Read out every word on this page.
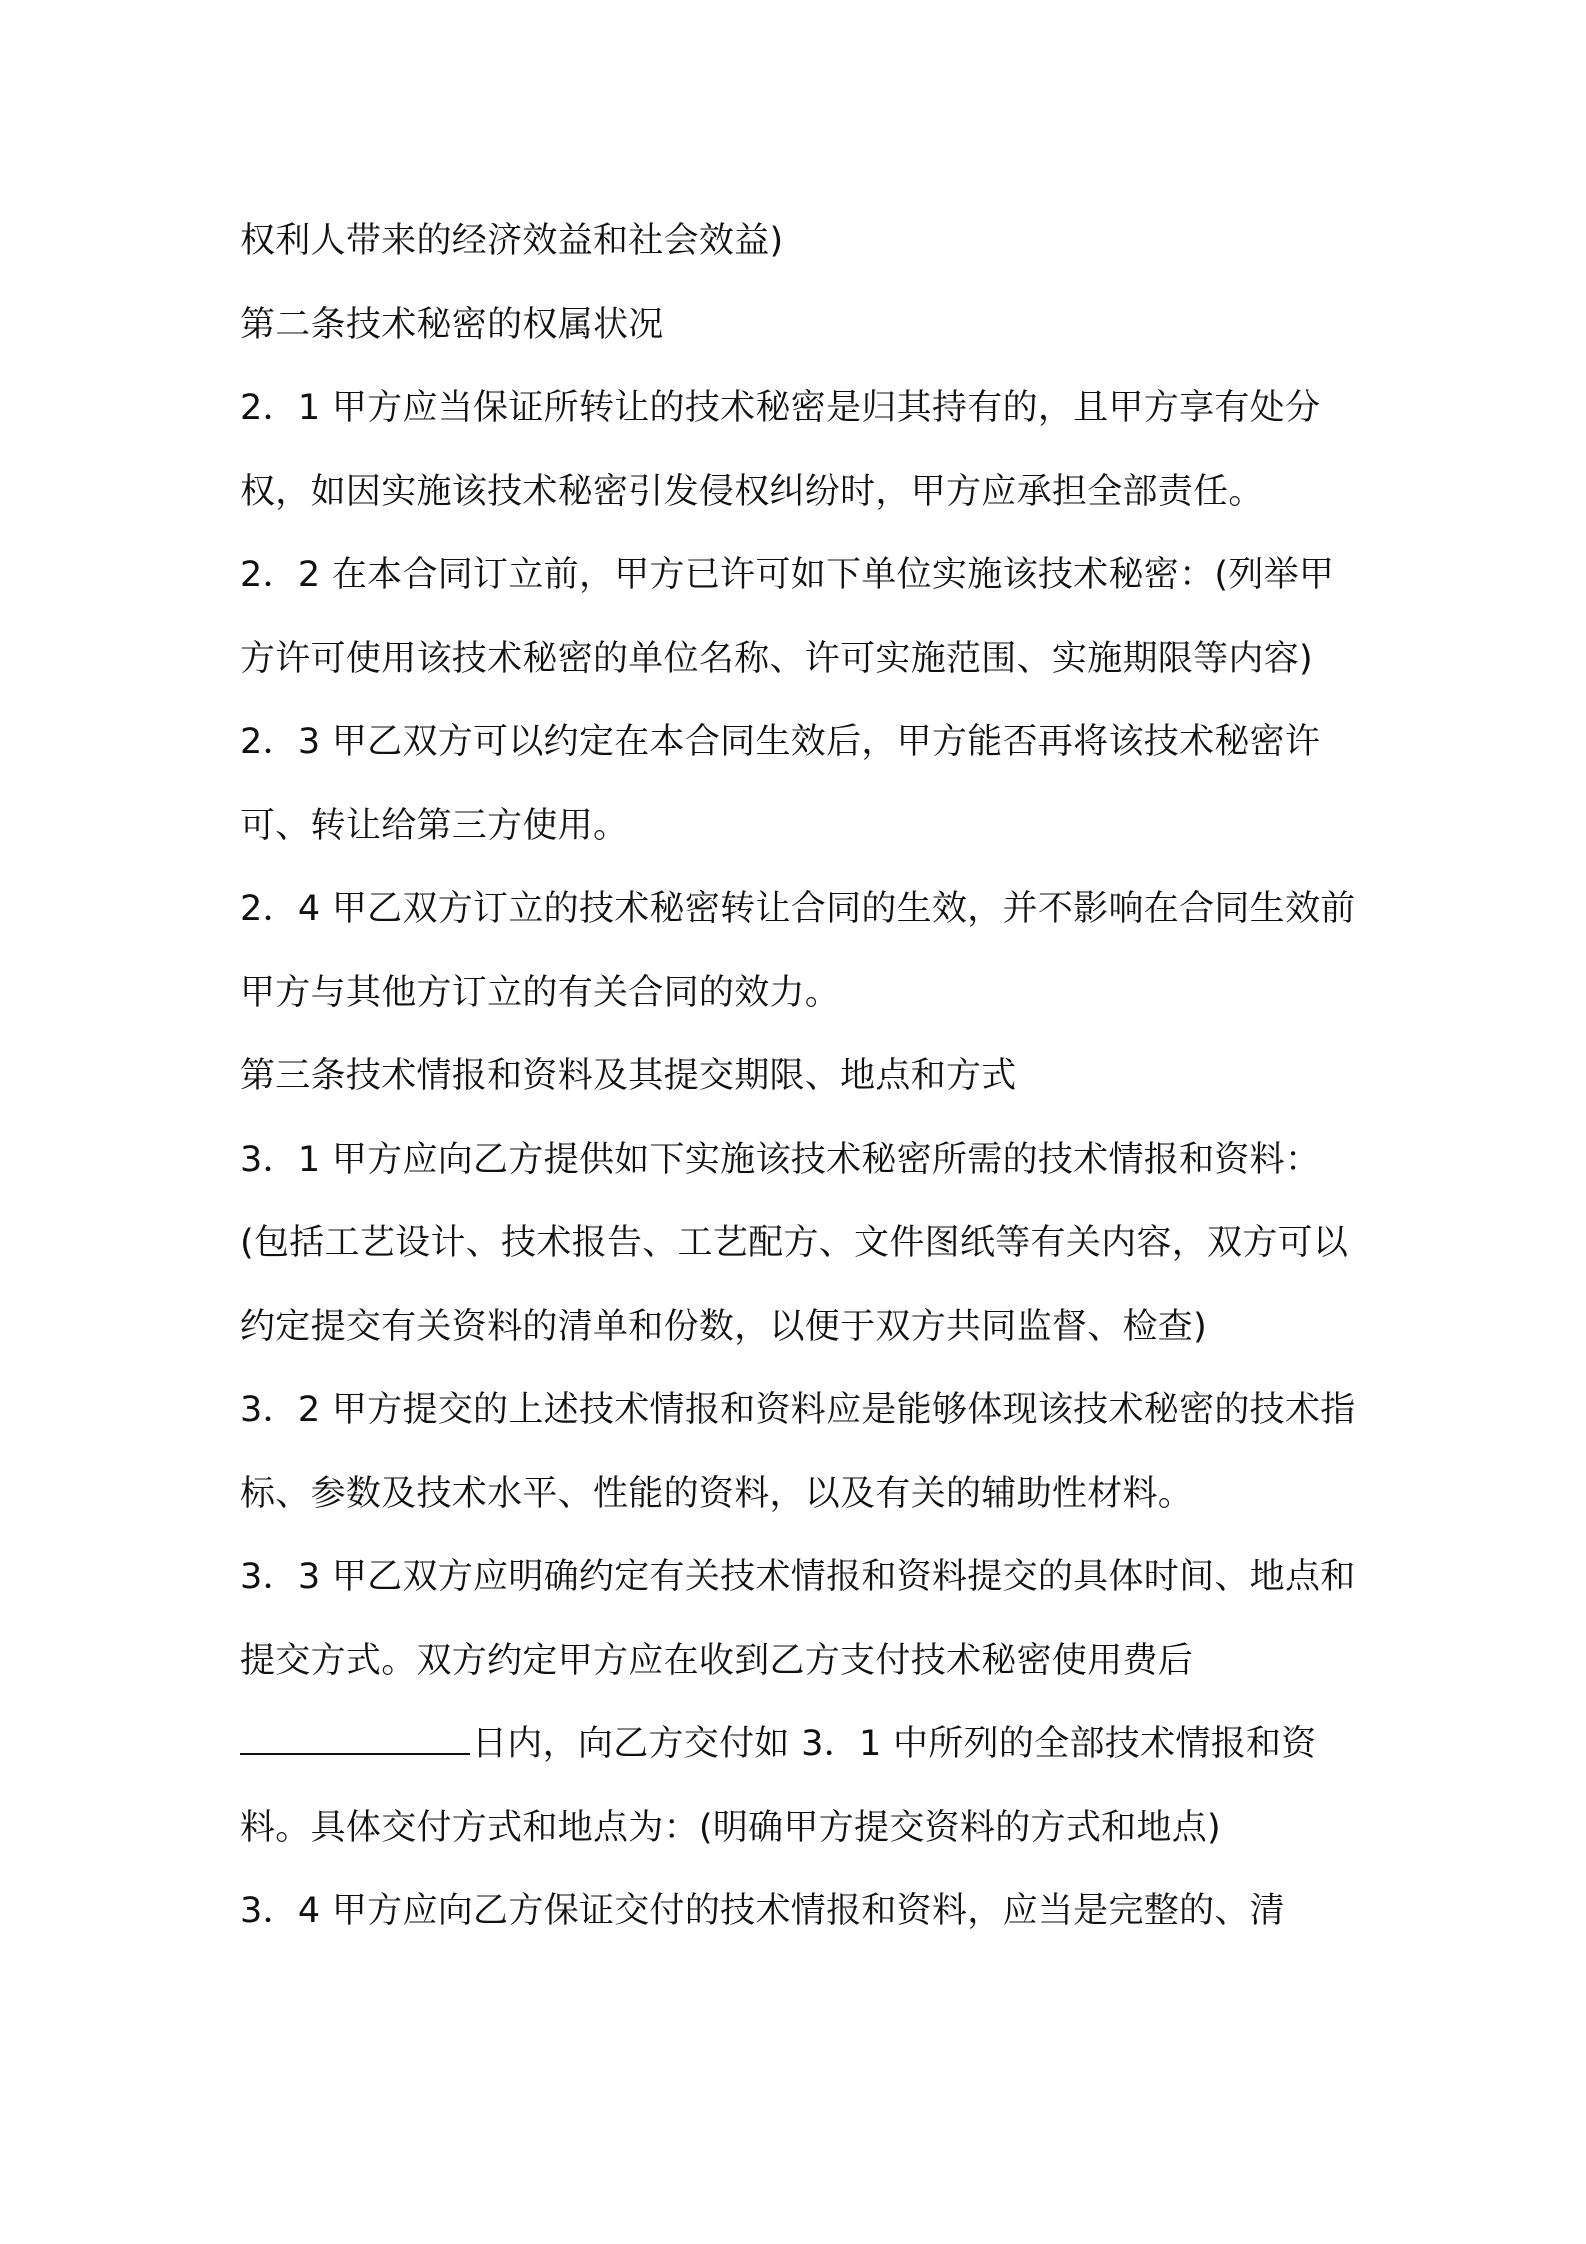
权利人带来的经济效益和社会效益)

第二条技术秘密的权属状况

2．1 甲方应当保证所转让的技术秘密是归其持有的，且甲方享有处分权，如因实施该技术秘密引发侵权纠纷时，甲方应承担全部责任。

2．2 在本合同订立前，甲方已许可如下单位实施该技术秘密：(列举甲方许可使用该技术秘密的单位名称、许可实施范围、实施期限等内容)

2．3 甲乙双方可以约定在本合同生效后，甲方能否再将该技术秘密许可、转让给第三方使用。

2．4 甲乙双方订立的技术秘密转让合同的生效，并不影响在合同生效前甲方与其他方订立的有关合同的效力。

第三条技术情报和资料及其提交期限、地点和方式

3．1 甲方应向乙方提供如下实施该技术秘密所需的技术情报和资料：(包括工艺设计、技术报告、工艺配方、文件图纸等有关内容，双方可以约定提交有关资料的清单和份数，以便于双方共同监督、检查)

3．2 甲方提交的上述技术情报和资料应是能够体现该技术秘密的技术指标、参数及技术水平、性能的资料，以及有关的辅助性材料。

3．3 甲乙双方应明确约定有关技术情报和资料提交的具体时间、地点和提交方式。双方约定甲方应在收到乙方支付技术秘密使用费后日内，向乙方交付如 3．1 中所列的全部技术情报和资料。具体交付方式和地点为：(明确甲方提交资料的方式和地点)

3．4 甲方应向乙方保证交付的技术情报和资料，应当是完整的、清
